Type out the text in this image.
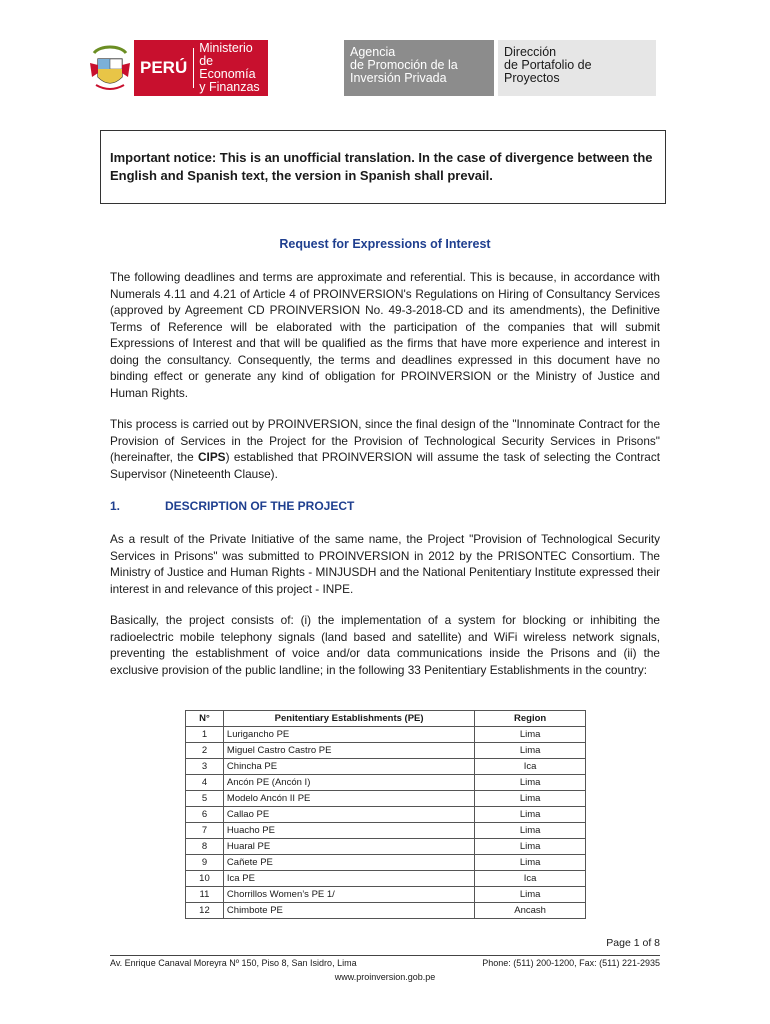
PERÚ
Ministerio
de Economía
y Finanzas
Agencia
de Promoción de la
Inversión Privada
Dirección
de Portafolio de
Proyectos
Important notice: This is an unofficial translation. In the case of divergence between the English and Spanish text, the version in Spanish shall prevail.
Request for Expressions of Interest
The following deadlines and terms are approximate and referential. This is because, in accordance with Numerals 4.11 and 4.21 of Article 4 of PROINVERSION's Regulations on Hiring of Consultancy Services (approved by Agreement CD PROINVERSION No. 49-3-2018-CD and its amendments), the Definitive Terms of Reference will be elaborated with the participation of the companies that will submit Expressions of Interest and that will be qualified as the firms that have more experience and interest in doing the consultancy. Consequently, the terms and deadlines expressed in this document have no binding effect or generate any kind of obligation for PROINVERSION or the Ministry of Justice and Human Rights.
This process is carried out by PROINVERSION, since the final design of the "Innominate Contract for the Provision of Services in the Project for the Provision of Technological Security Services in Prisons" (hereinafter, the CIPS) established that PROINVERSION will assume the task of selecting the Contract Supervisor (Nineteenth Clause).
1.	DESCRIPTION OF THE PROJECT
As a result of the Private Initiative of the same name, the Project "Provision of Technological Security Services in Prisons" was submitted to PROINVERSION in 2012 by the PRISONTEC Consortium. The Ministry of Justice and Human Rights - MINJUSDH and the National Penitentiary Institute expressed their interest in and relevance of this project - INPE.
Basically, the project consists of: (i) the implementation of a system for blocking or inhibiting the radioelectric mobile telephony signals (land based and satellite) and WiFi wireless network signals, preventing the establishment of voice and/or data communications inside the Prisons and (ii) the exclusive provision of the public landline; in the following 33 Penitentiary Establishments in the country:
N°	Penitentiary Establishments (PE)	Region
1	Lurigancho PE	Lima
2	Miguel Castro Castro PE	Lima
3	Chincha PE	Ica
4	Ancón PE (Ancón I)	Lima
5	Modelo Ancón II PE	Lima
6	Callao PE	Lima
7	Huacho PE	Lima
8	Huaral PE	Lima
9	Cañete PE	Lima
10	Ica PE	Ica
11	Chorrillos Women’s PE 1/	Lima
12	Chimbote PE	Ancash
Page 1 of 8
Av. Enrique Canaval Moreyra Nº 150, Piso 8, San Isidro, Lima	Phone: (511) 200-1200, Fax: (511) 221-2935
www.proinversion.gob.pe
